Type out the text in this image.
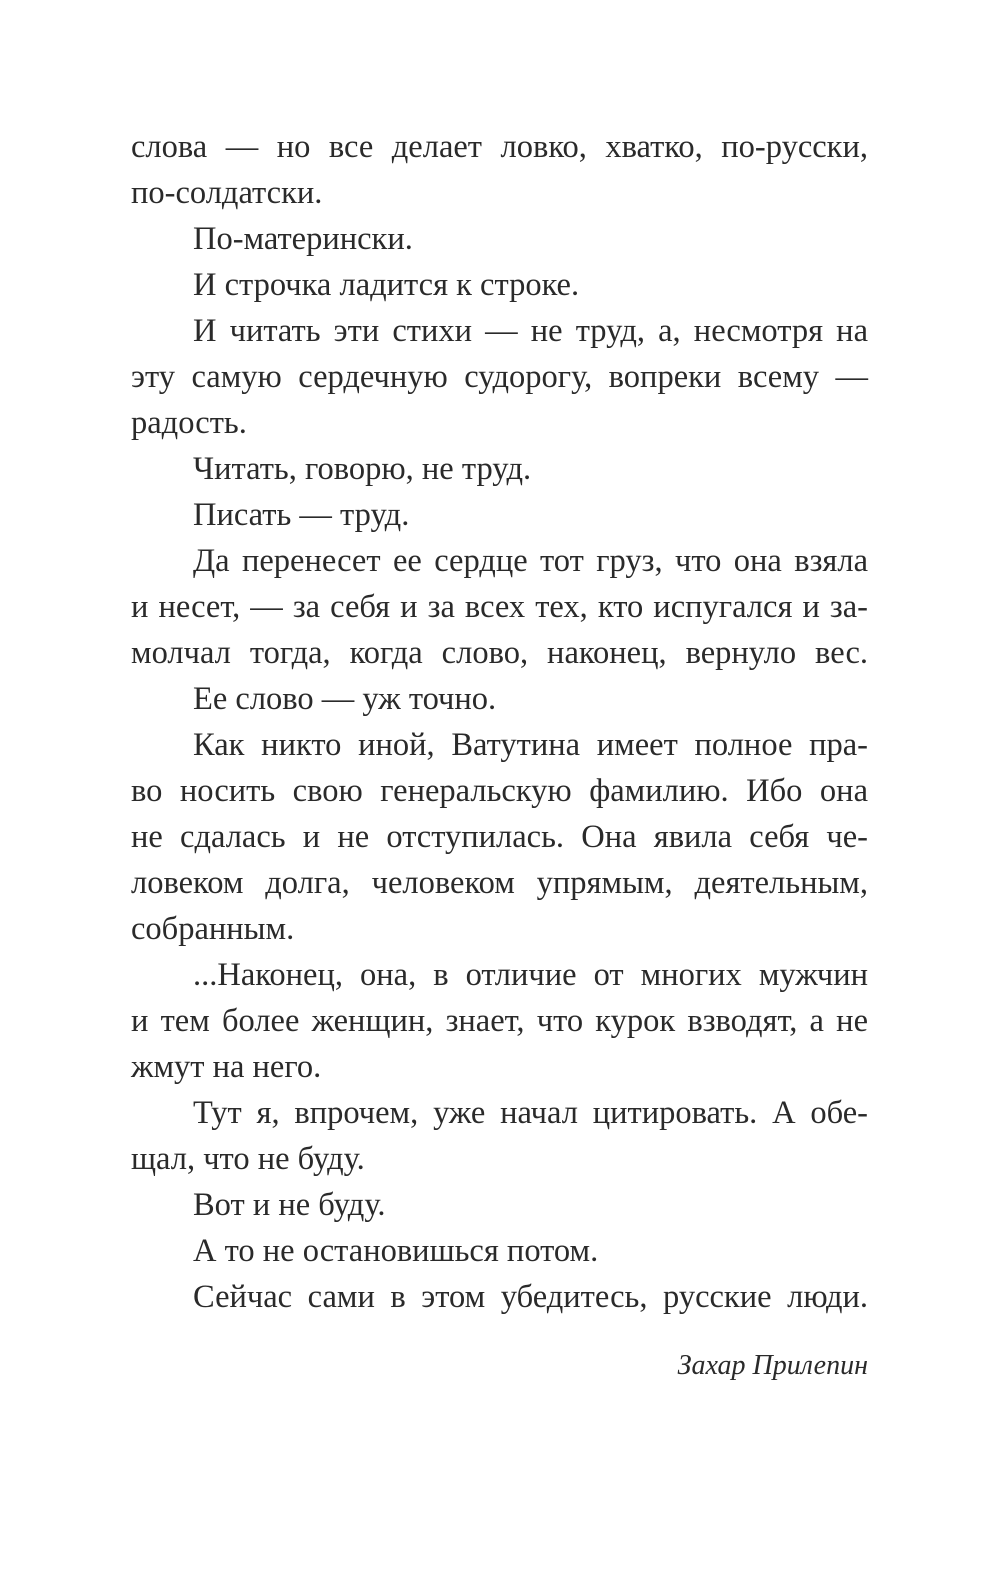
слова — но все делает ловко, хватко, по-русски,
по-солдатски.
По-матерински.
И строчка ладится к строке.
И читать эти стихи — не труд, а, несмотря на
эту самую сердечную судорогу, вопреки всему —
радость.
Читать, говорю, не труд.
Писать — труд.
Да перенесет ее сердце тот груз, что она взяла
и несет, — за себя и за всех тех, кто испугался и за-
молчал тогда, когда слово, наконец, вернуло вес.
Ее слово — уж точно.
Как никто иной, Ватутина имеет полное пра-
во носить свою генеральскую фамилию. Ибо она
не сдалась и не отступилась. Она явила себя че-
ловеком долга, человеком упрямым, деятельным,
собранным.
...Наконец, она, в отличие от многих мужчин
и тем более женщин, знает, что курок взводят, а не
жмут на него.
Тут я, впрочем, уже начал цитировать. А обе-
щал, что не буду.
Вот и не буду.
А то не остановишься потом.
Сейчас сами в этом убедитесь, русские люди.
Захар Прилепин
